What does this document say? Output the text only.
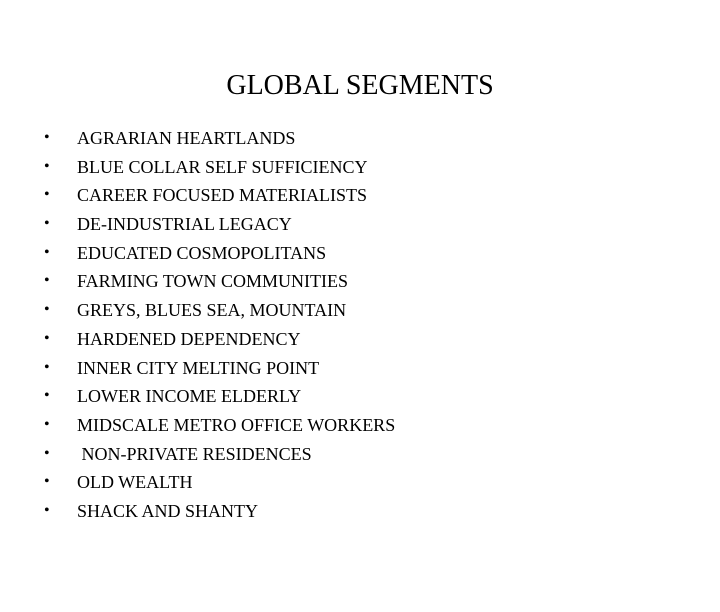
GLOBAL SEGMENTS

•

AGRARIAN HEARTLANDS

•

BLUE COLLAR SELF SUFFICIENCY

•

CAREER FOCUSED MATERIALISTS

•

DE-INDUSTRIAL LEGACY

•

EDUCATED COSMOPOLITANS

•

FARMING TOWN COMMUNITIES

•

GREYS, BLUES SEA, MOUNTAIN

•

HARDENED DEPENDENCY

•

INNER CITY MELTING POINT

•

LOWER INCOME ELDERLY

•

MIDSCALE METRO OFFICE WORKERS

•

NON-PRIVATE RESIDENCES

•

OLD WEALTH

•

SHACK AND SHANTY
